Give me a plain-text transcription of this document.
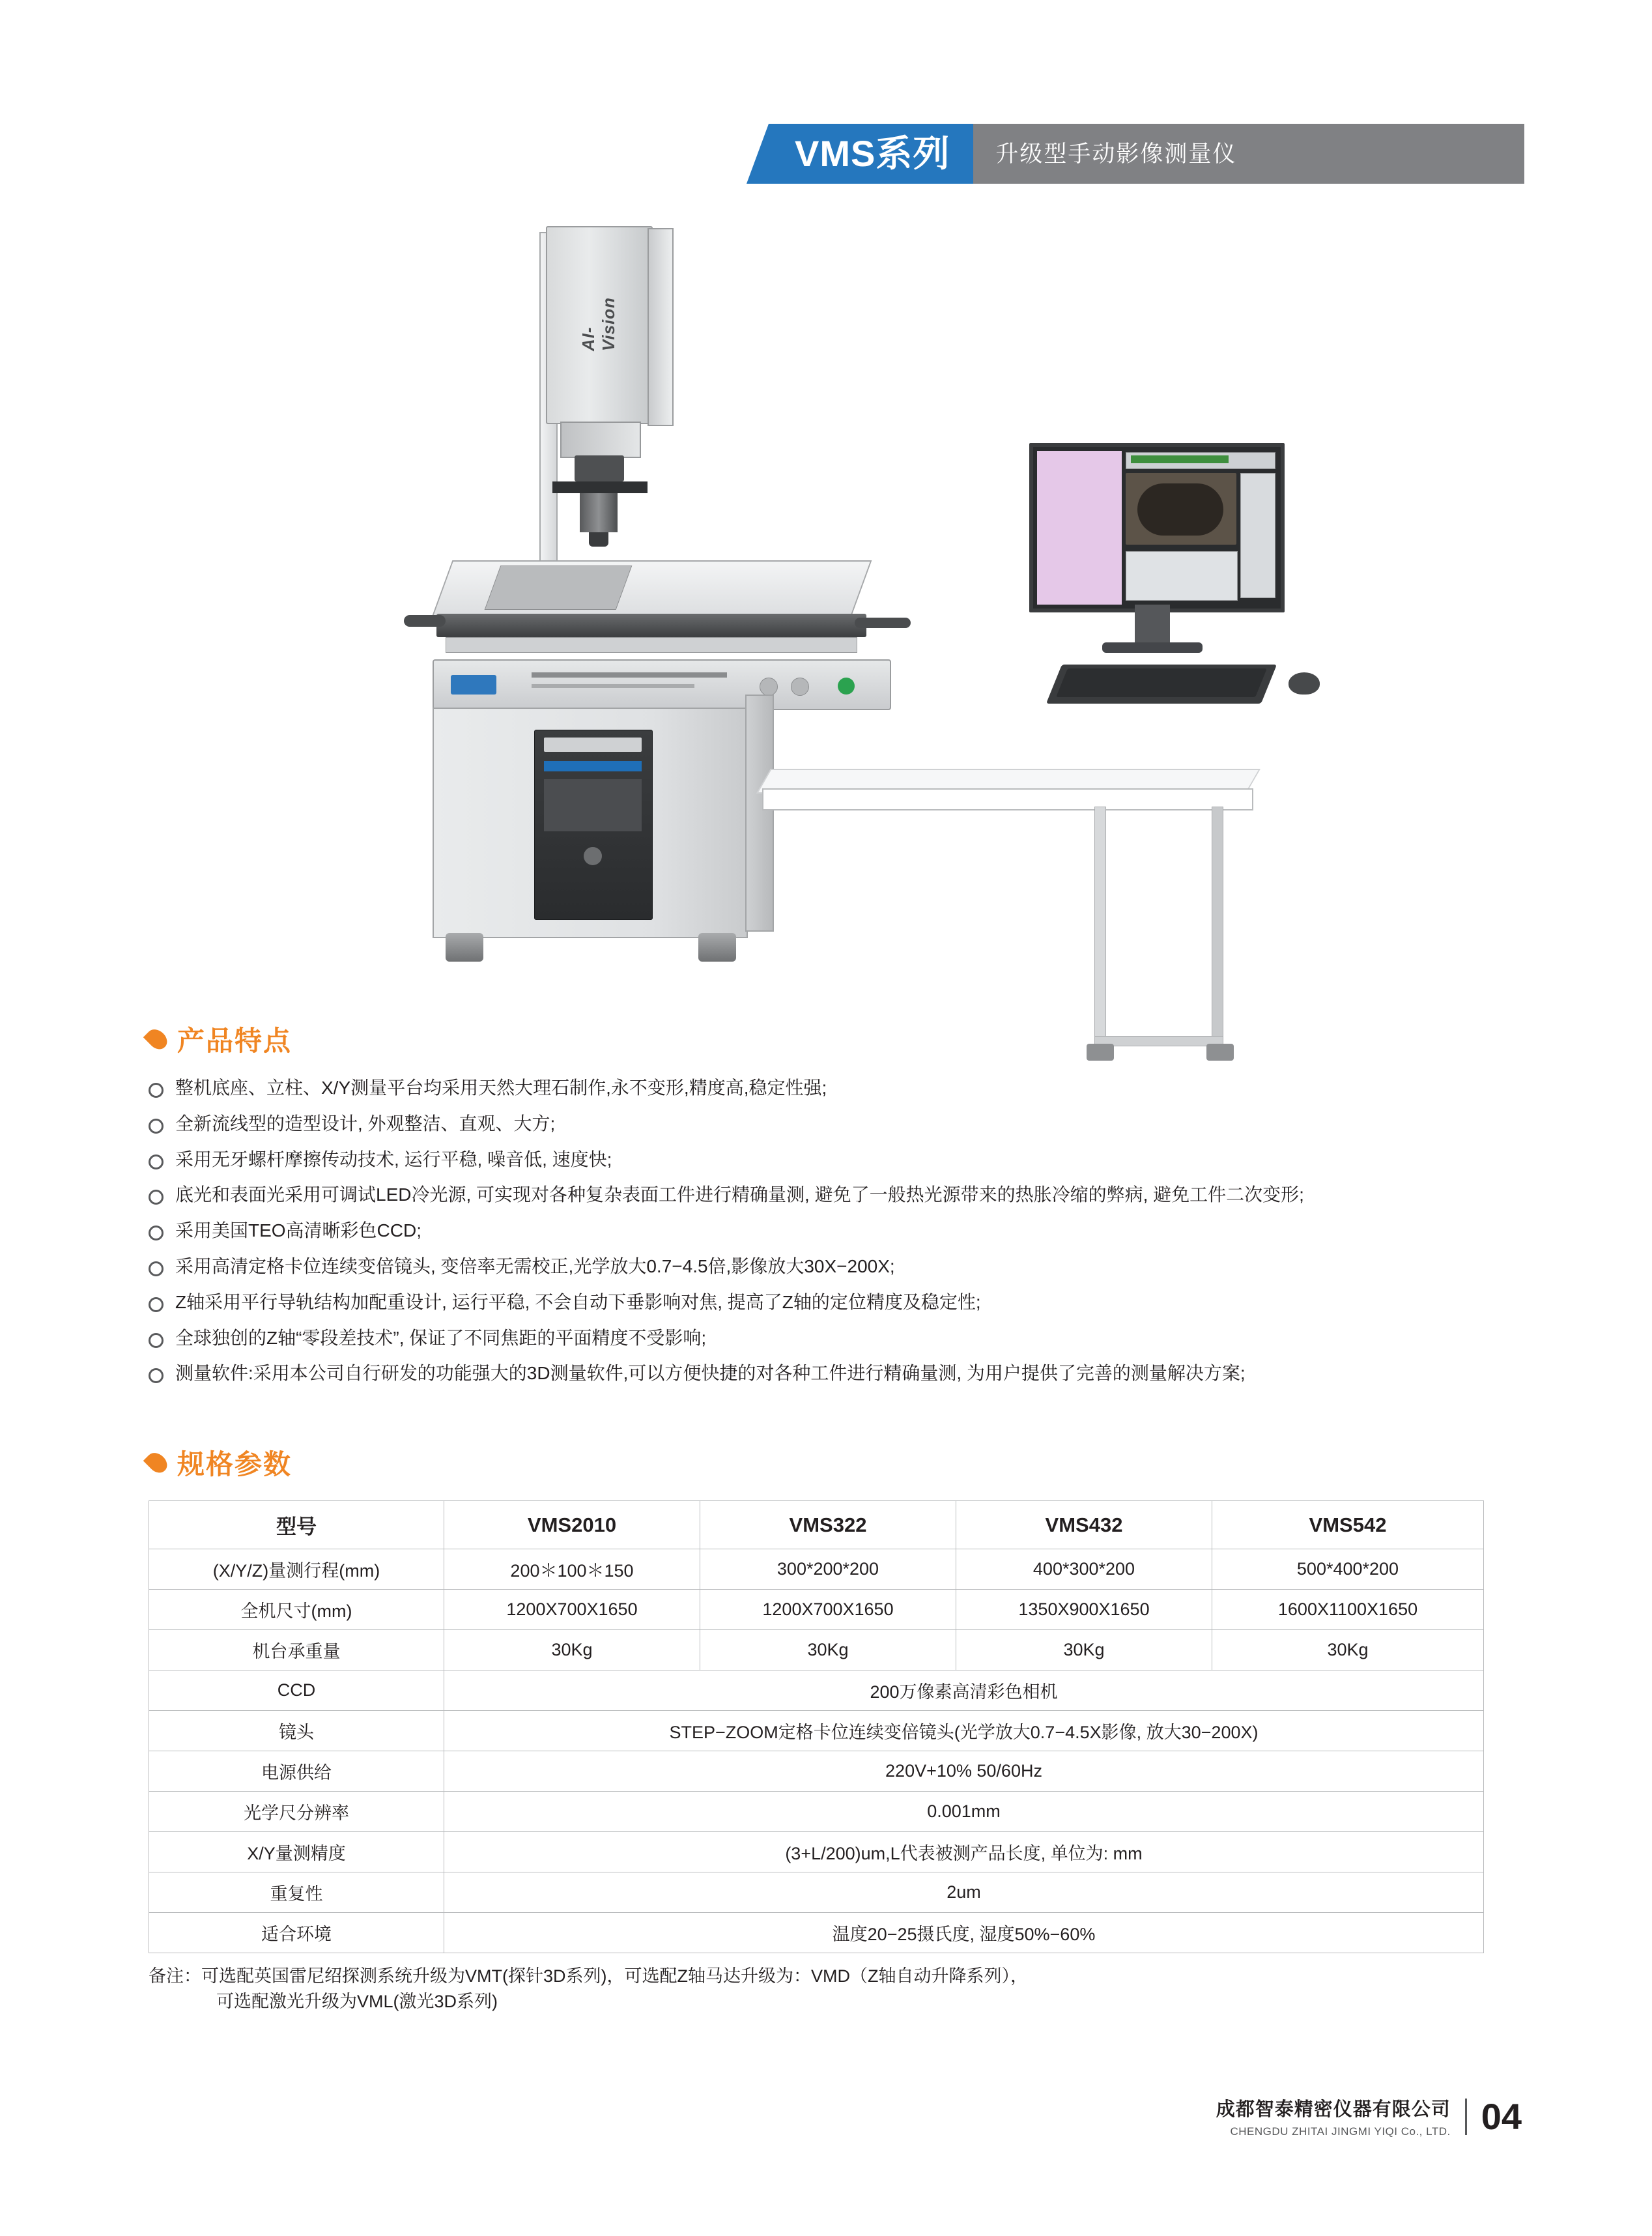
VMS系列 升级型手动影像测量仪
AI-Vision
产品特点
整机底座、立柱、X/Y测量平台均采用天然大理石制作,永不变形,精度高,稳定性强;
全新流线型的造型设计, 外观整洁、直观、大方;
采用无牙螺杆摩擦传动技术, 运行平稳, 噪音低, 速度快;
底光和表面光采用可调试LED冷光源, 可实现对各种复杂表面工件进行精确量测, 避免了一般热光源带来的热胀冷缩的弊病, 避免工件二次变形;
采用美国TEO高清晰彩色CCD;
采用高清定格卡位连续变倍镜头, 变倍率无需校正,光学放大0.7−4.5倍,影像放大30X−200X;
Z轴采用平行导轨结构加配重设计, 运行平稳, 不会自动下垂影响对焦, 提高了Z轴的定位精度及稳定性;
全球独创的Z轴“零段差技术”, 保证了不同焦距的平面精度不受影响;
测量软件:采用本公司自行研发的功能强大的3D测量软件,可以方便快捷的对各种工件进行精确量测, 为用户提供了完善的测量解决方案;
规格参数
型号	VMS2010	VMS322	VMS432	VMS542
(X/Y/Z)量测行程(mm)	200＊100＊150	300*200*200	400*300*200	500*400*200
全机尺寸(mm)	1200X700X1650	1200X700X1650	1350X900X1650	1600X1100X1650
机台承重量	30Kg	30Kg	30Kg	30Kg
CCD	200万像素高清彩色相机			
镜头	STEP−ZOOM定格卡位连续变倍镜头(光学放大0.7−4.5X影像, 放大30−200X)			
电源供给	220V+10% 50/60Hz			
光学尺分辨率	0.001mm			
X/Y量测精度	(3+L/200)um,L代表被测产品长度, 单位为: mm			
重复性	2um			
适合环境	温度20−25摄氏度, 湿度50%−60%			
备注：可选配英国雷尼绍探测系统升级为VMT(探针3D系列)，可选配Z轴马达升级为：VMD（Z轴自动升降系列），
可选配激光升级为VML(激光3D系列)
成都智泰精密仪器有限公司
CHENGDU ZHITAI JINGMI YIQI Co., LTD. 04
